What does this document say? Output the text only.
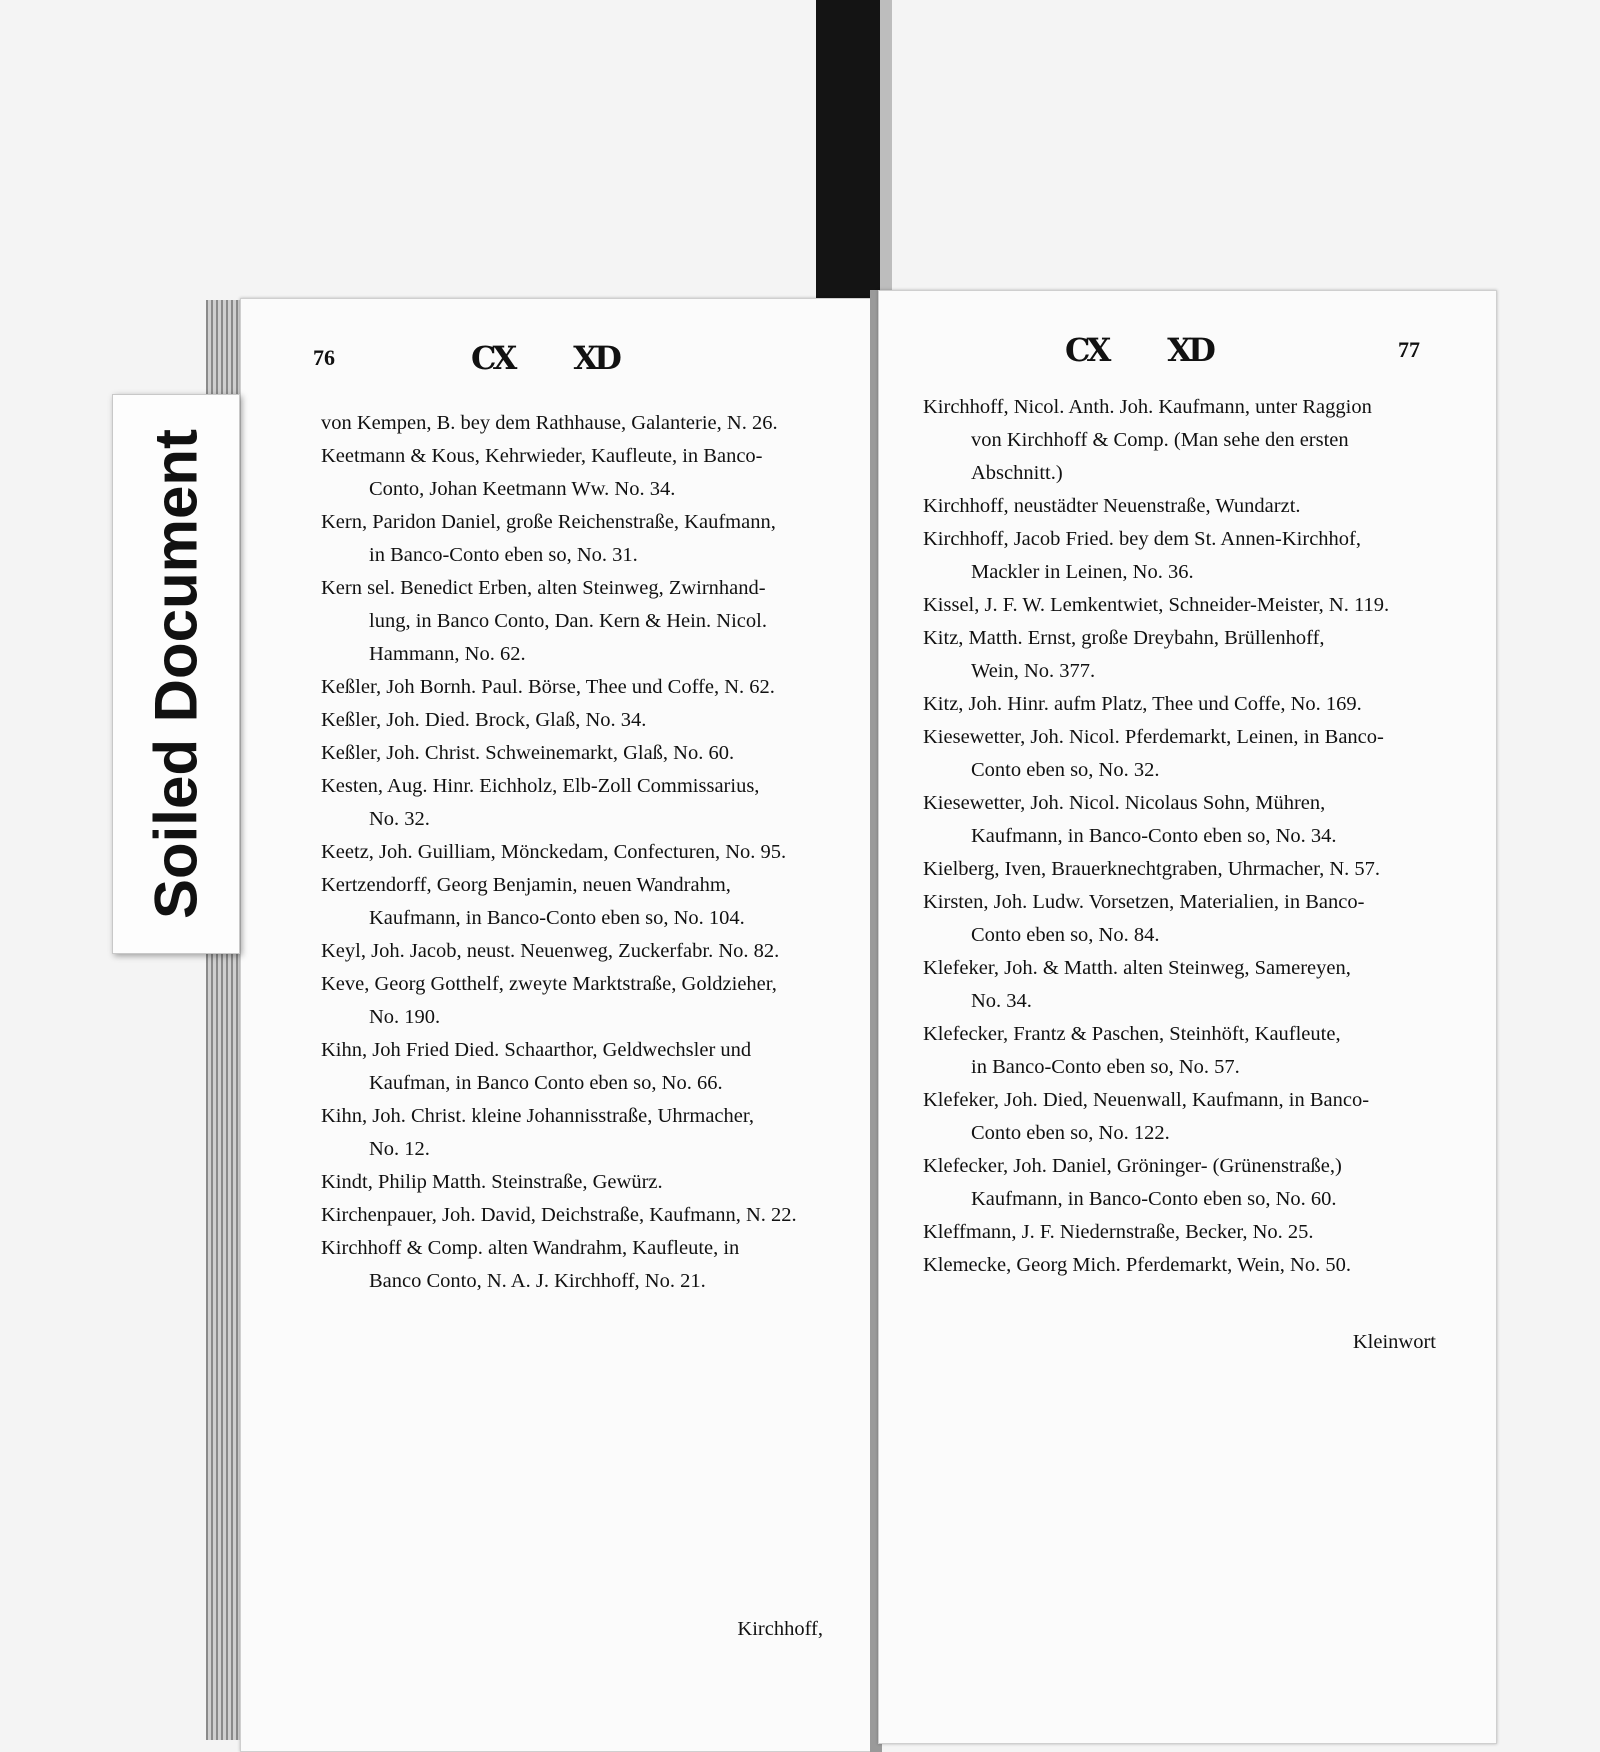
76	CX XD
von Kempen, B. bey dem Rathhause, Galanterie, N. 26.
Keetmann & Kous, Kehrwieder, Kaufleute, in Banco-
Conto, Johan Keetmann Ww. No. 34.
Kern, Paridon Daniel, große Reichenstraße, Kaufmann,
in Banco-Conto eben so, No. 31.
Kern sel. Benedict Erben, alten Steinweg, Zwirnhand-
lung, in Banco Conto, Dan. Kern & Hein. Nicol.
Hammann, No. 62.
Keßler, Joh Bornh. Paul. Börse, Thee und Coffe, N. 62.
Keßler, Joh. Died. Brock, Glaß, No. 34.
Keßler, Joh. Christ. Schweinemarkt, Glaß, No. 60.
Kesten, Aug. Hinr. Eichholz, Elb-Zoll Commissarius,
No. 32.
Keetz, Joh. Guilliam, Mönckedam, Confecturen, No. 95.
Kertzendorff, Georg Benjamin, neuen Wandrahm,
Kaufmann, in Banco-Conto eben so, No. 104.
Keyl, Joh. Jacob, neust. Neuenweg, Zuckerfabr. No. 82.
Keve, Georg Gotthelf, zweyte Marktstraße, Goldzieher,
No. 190.
Kihn, Joh Fried Died. Schaarthor, Geldwechsler und
Kaufman, in Banco Conto eben so, No. 66.
Kihn, Joh. Christ. kleine Johannisstraße, Uhrmacher,
No. 12.
Kindt, Philip Matth. Steinstraße, Gewürz.
Kirchenpauer, Joh. David, Deichstraße, Kaufmann, N. 22.
Kirchhoff & Comp. alten Wandrahm, Kaufleute, in
Banco Conto, N. A. J. Kirchhoff, No. 21.
Kirchhoff,
CX XD	77
Kirchhoff, Nicol. Anth. Joh. Kaufmann, unter Raggion
von Kirchhoff & Comp. (Man sehe den ersten
Abschnitt.)
Kirchhoff, neustädter Neuenstraße, Wundarzt.
Kirchhoff, Jacob Fried. bey dem St. Annen-Kirchhof,
Mackler in Leinen, No. 36.
Kissel, J. F. W. Lemkentwiet, Schneider-Meister, N. 119.
Kitz, Matth. Ernst, große Dreybahn, Brüllenhoff,
Wein, No. 377.
Kitz, Joh. Hinr. aufm Platz, Thee und Coffe, No. 169.
Kiesewetter, Joh. Nicol. Pferdemarkt, Leinen, in Banco-
Conto eben so, No. 32.
Kiesewetter, Joh. Nicol. Nicolaus Sohn, Mühren,
Kaufmann, in Banco-Conto eben so, No. 34.
Kielberg, Iven, Brauerknechtgraben, Uhrmacher, N. 57.
Kirsten, Joh. Ludw. Vorsetzen, Materialien, in Banco-
Conto eben so, No. 84.
Klefeker, Joh. & Matth. alten Steinweg, Samereyen,
No. 34.
Klefecker, Frantz & Paschen, Steinhöft, Kaufleute,
in Banco-Conto eben so, No. 57.
Klefeker, Joh. Died, Neuenwall, Kaufmann, in Banco-
Conto eben so, No. 122.
Klefecker, Joh. Daniel, Gröninger- (Grünenstraße,)
Kaufmann, in Banco-Conto eben so, No. 60.
Kleffmann, J. F. Niedernstraße, Becker, No. 25.
Klemecke, Georg Mich. Pferdemarkt, Wein, No. 50.
Kleinwort
Soiled Document
